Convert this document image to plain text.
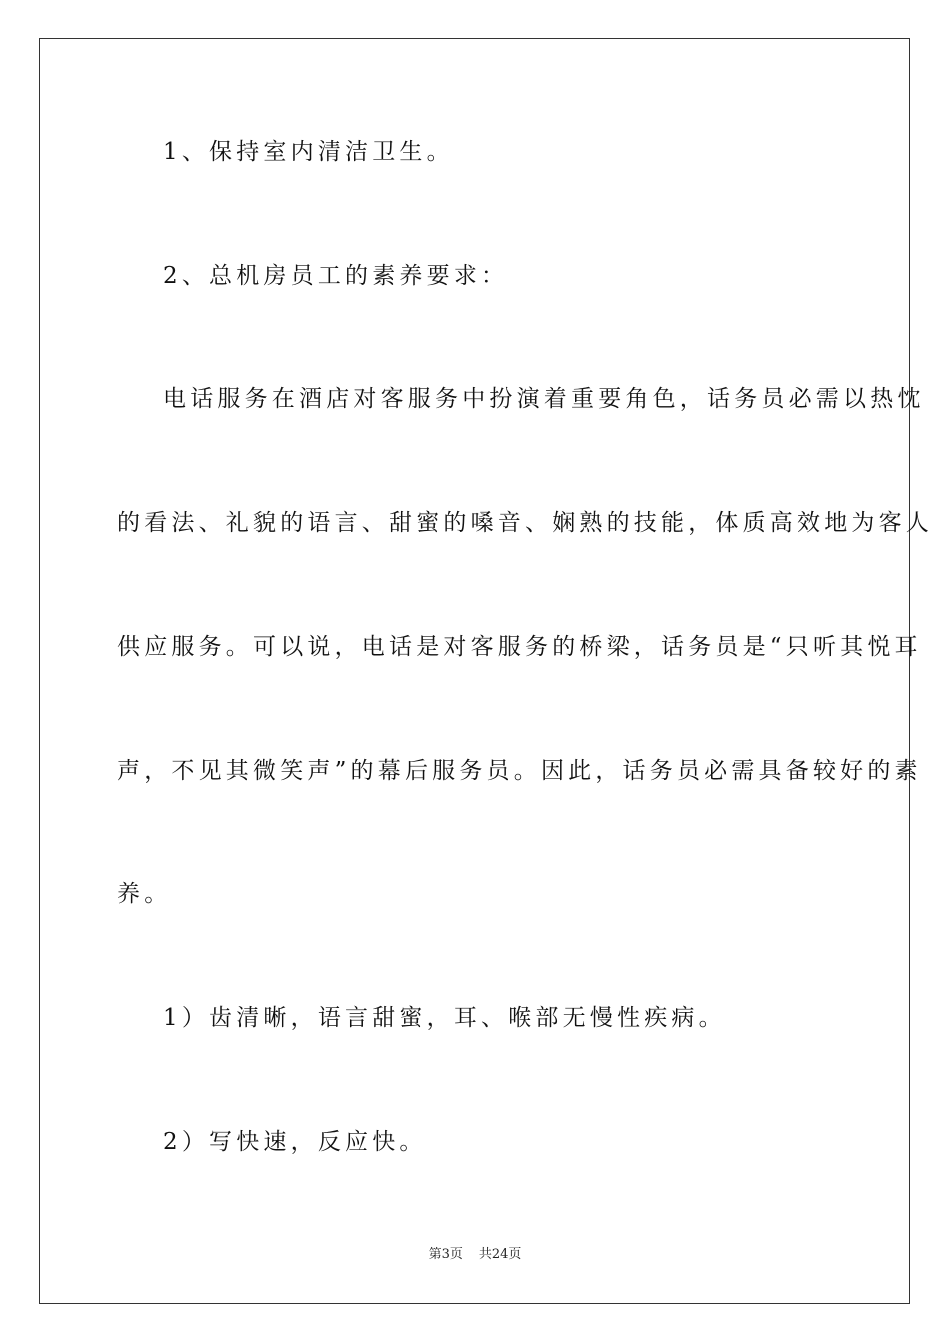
1、保持室内清洁卫生。
2、总机房员工的素养要求：
电话服务在酒店对客服务中扮演着重要角色，话务员必需以热忱
的看法、礼貌的语言、甜蜜的嗓音、娴熟的技能，体质高效地为客人
供应服务。可以说，电话是对客服务的桥梁，话务员是“只听其悦耳
声，不见其微笑声”的幕后服务员。因此，话务员必需具备较好的素
养。
1）齿清晰，语言甜蜜，耳、喉部无慢性疾病。
2）写快速，反应快。
第3页 共24页
